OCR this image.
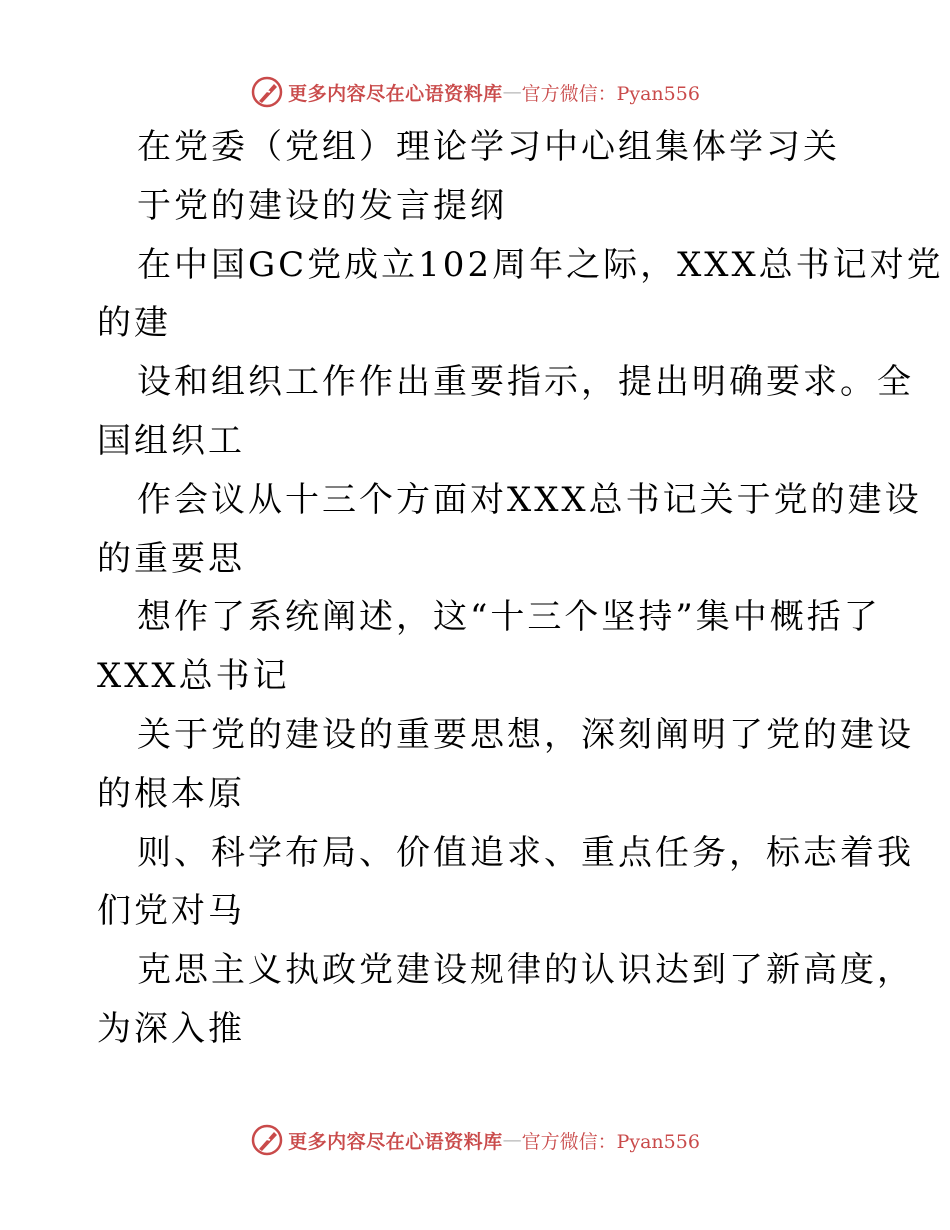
更多内容尽在心语资料库 — 官方微信：Pyan556
在党委（党组）理论学习中心组集体学习关
于党的建设的发言提纲
在中国GC党成立102周年之际，XXX总书记对党
的建
设和组织工作作出重要指示，提出明确要求。全
国组织工
作会议从十三个方面对XXX总书记关于党的建设
的重要思
想作了系统阐述，这“十三个坚持”集中概括了
XXX总书记
关于党的建设的重要思想，深刻阐明了党的建设
的根本原
则、科学布局、价值追求、重点任务，标志着我
们党对马
克思主义执政党建设规律的认识达到了新高度，
为深入推
更多内容尽在心语资料库 — 官方微信：Pyan556
